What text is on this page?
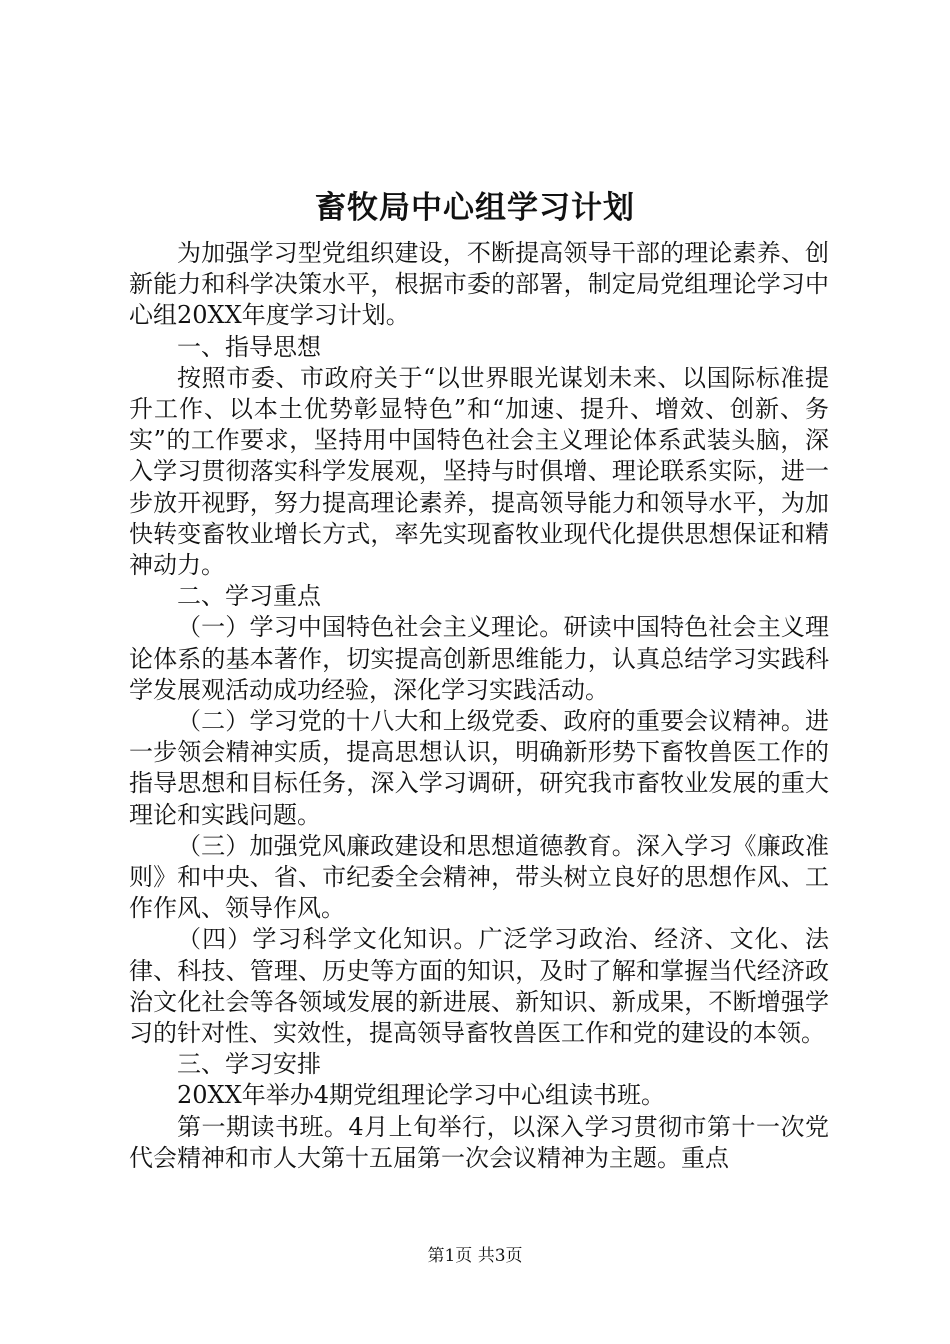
畜牧局中心组学习计划

为加强学习型党组织建设，不断提高领导干部的理论素养、创新能力和科学决策水平，根据市委的部署，制定局党组理论学习中心组20XX年度学习计划。

一、指导思想

按照市委、市政府关于“以世界眼光谋划未来、以国际标准提升工作、以本土优势彰显特色”和“加速、提升、增效、创新、务实”的工作要求，坚持用中国特色社会主义理论体系武装头脑，深入学习贯彻落实科学发展观，坚持与时俱增、理论联系实际，进一步放开视野，努力提高理论素养，提高领导能力和领导水平，为加快转变畜牧业增长方式，率先实现畜牧业现代化提供思想保证和精神动力。

二、学习重点

（一）学习中国特色社会主义理论。研读中国特色社会主义理论体系的基本著作，切实提高创新思维能力，认真总结学习实践科学发展观活动成功经验，深化学习实践活动。

（二）学习党的十八大和上级党委、政府的重要会议精神。进一步领会精神实质，提高思想认识，明确新形势下畜牧兽医工作的指导思想和目标任务，深入学习调研，研究我市畜牧业发展的重大理论和实践问题。

（三）加强党风廉政建设和思想道德教育。深入学习《廉政准则》和中央、省、市纪委全会精神，带头树立良好的思想作风、工作作风、领导作风。

（四）学习科学文化知识。广泛学习政治、经济、文化、法律、科技、管理、历史等方面的知识，及时了解和掌握当代经济政治文化社会等各领域发展的新进展、新知识、新成果，不断增强学习的针对性、实效性，提高领导畜牧兽医工作和党的建设的本领。

三、学习安排

20XX年举办4期党组理论学习中心组读书班。

第一期读书班。4月上旬举行，以深入学习贯彻市第十一次党代会精神和市人大第十五届第一次会议精神为主题。重点

第1页 共3页
